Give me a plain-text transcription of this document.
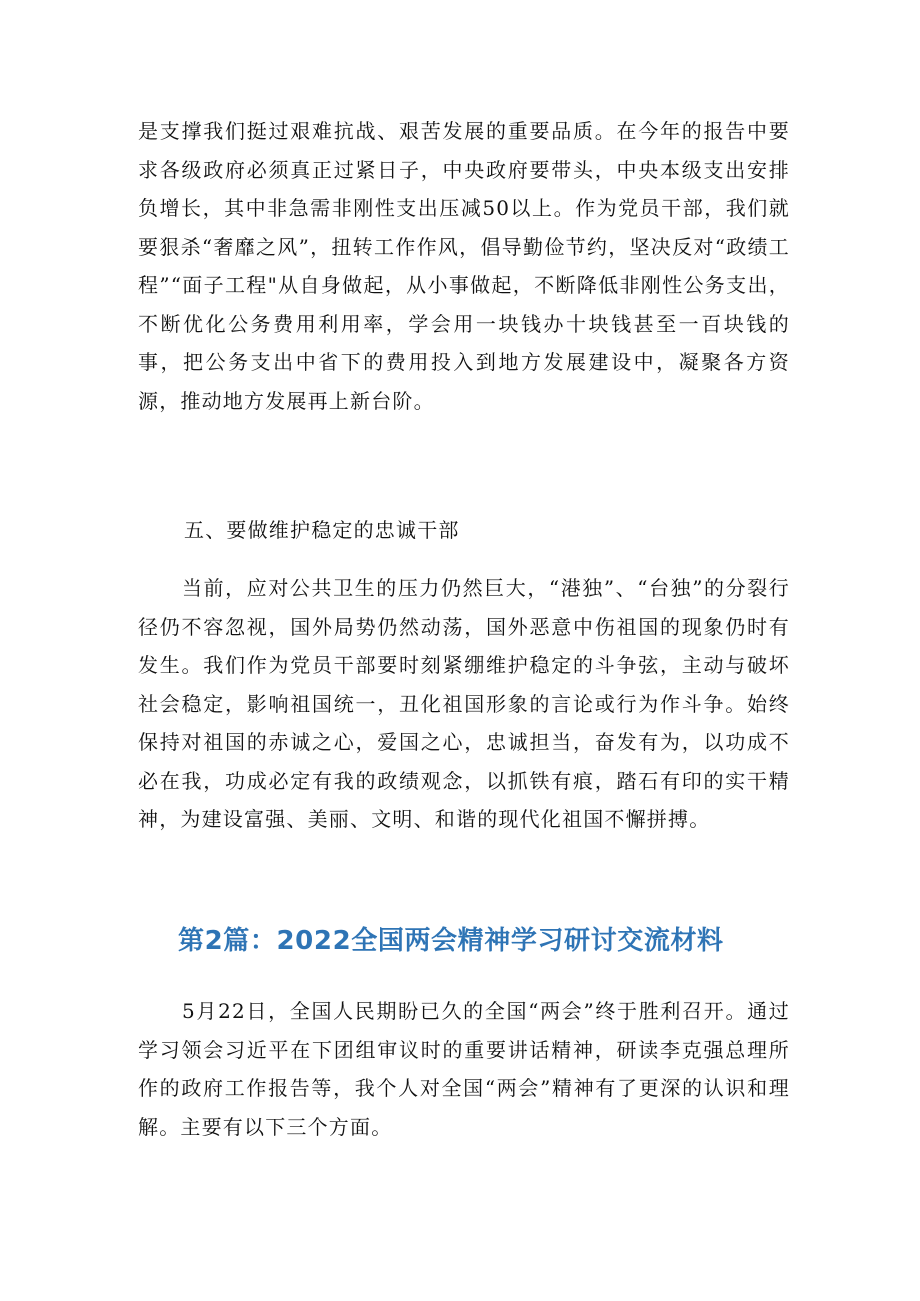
是支撑我们挺过艰难抗战、艰苦发展的重要品质。在今年的报告中要求各级政府必须真正过紧日子，中央政府要带头，中央本级支出安排负增长，其中非急需非刚性支出压减50以上。作为党员干部，我们就要狠杀“奢靡之风”，扭转工作作风，倡导勤俭节约，坚决反对“政绩工程”“面子工程"从自身做起，从小事做起，不断降低非刚性公务支出，不断优化公务费用利用率，学会用一块钱办十块钱甚至一百块钱的事，把公务支出中省下的费用投入到地方发展建设中，凝聚各方资源，推动地方发展再上新台阶。

五、要做维护稳定的忠诚干部

当前，应对公共卫生的压力仍然巨大，“港独”、“台独”的分裂行径仍不容忽视，国外局势仍然动荡，国外恶意中伤祖国的现象仍时有发生。我们作为党员干部要时刻紧绷维护稳定的斗争弦，主动与破坏社会稳定，影响祖国统一，丑化祖国形象的言论或行为作斗争。始终保持对祖国的赤诚之心，爱国之心，忠诚担当，奋发有为，以功成不必在我，功成必定有我的政绩观念，以抓铁有痕，踏石有印的实干精神，为建设富强、美丽、文明、和谐的现代化祖国不懈拼搏。

第2篇：2022全国两会精神学习研讨交流材料

5月22日，全国人民期盼已久的全国“两会”终于胜利召开。通过学习领会习近平在下团组审议时的重要讲话精神，研读李克强总理所作的政府工作报告等，我个人对全国“两会”精神有了更深的认识和理解。主要有以下三个方面。
